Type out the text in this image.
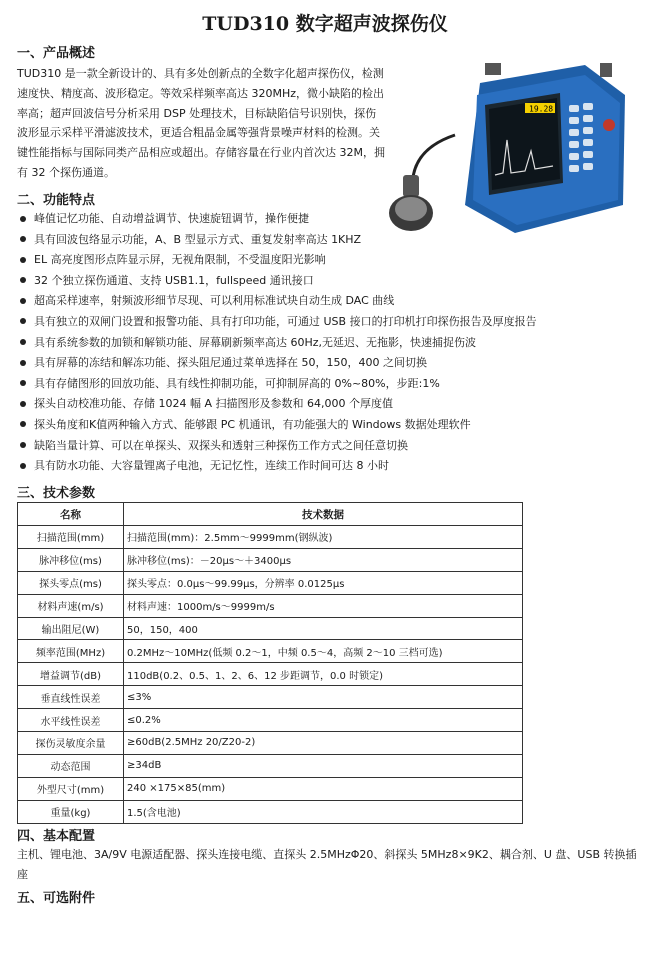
TUD310 数字超声波探伤仪
一、产品概述
TUD310 是一款全新设计的、具有多处创新点的全数字化超声探伤仪，检测速度快、精度高、波形稳定。等效采样频率高达 320MHz，微小缺陷的检出率高；超声回波信号分析采用 DSP 处理技术，目标缺陷信号识别快，探伤波形显示采样平滑滤波技术，更适合粗晶金属等强背景噪声材料的检测。关键性能指标与国际同类产品相应或超出。存储容量在行业内首次达 32M，拥有 32 个探伤通道。
19.28
二、功能特点
峰值记忆功能、自动增益调节、快速旋钮调节，操作便捷
具有回波包络显示功能，A、B 型显示方式、重复发射率高达 1KHZ
EL 高亮度图形点阵显示屏，无视角限制，不受温度阳光影响
32 个独立探伤通道、支持 USB1.1，fullspeed 通讯接口
超高采样速率，射频波形细节尽现、可以利用标准试块自动生成 DAC 曲线
具有独立的双闸门设置和报警功能、具有打印功能，可通过 USB 接口的打印机打印探伤报告及厚度报告
具有系统参数的加锁和解锁功能、屏幕刷新频率高达 60Hz,无延迟、无拖影，快速捕捉伤波
具有屏幕的冻结和解冻功能、探头阻尼通过菜单选择在 50，150，400 之间切换
具有存储图形的回放功能、具有线性抑制功能，可抑制屏高的 0%~80%，步距:1%
探头自动校准功能、存储 1024 幅 A 扫描图形及参数和 64,000 个厚度值
探头角度和K值两种输入方式、能够跟 PC 机通讯，有功能强大的 Windows 数据处理软件
缺陷当量计算、可以在单探头、双探头和透射三种探伤工作方式之间任意切换
具有防水功能、大容量锂离子电池，无记忆性，连续工作时间可达 8 小时
三、技术参数
名称	技术数据
扫描范围(mm)	扫描范围(mm)：2.5mm～9999mm(钢纵波)
脉冲移位(ms)	脉冲移位(ms)：－20μs～＋3400μs
探头零点(ms)	探头零点：0.0μs～99.99μs，分辨率 0.0125μs
材料声速(m/s)	材料声速：1000m/s～9999m/s
输出阻尼(W)	50，150，400
频率范围(MHz)	0.2MHz～10MHz(低频 0.2～1，中频 0.5～4，高频 2～10 三档可选)
增益调节(dB)	110dB(0.2、0.5、1、2、6、12 步距调节，0.0 时锁定)
垂直线性误差	≤3%
水平线性误差	≤0.2%
探伤灵敏度余量	≥60dB(2.5MHz 20/Z20-2)
动态范围	≥34dB
外型尺寸(mm)	240 ×175×85(mm)
重量(kg)	1.5(含电池)
四、基本配置
主机、锂电池、3A/9V 电源适配器、探头连接电缆、直探头 2.5MHzΦ20、斜探头 5MHz8×9K2、耦合剂、U 盘、USB 转换插座
五、可选附件
